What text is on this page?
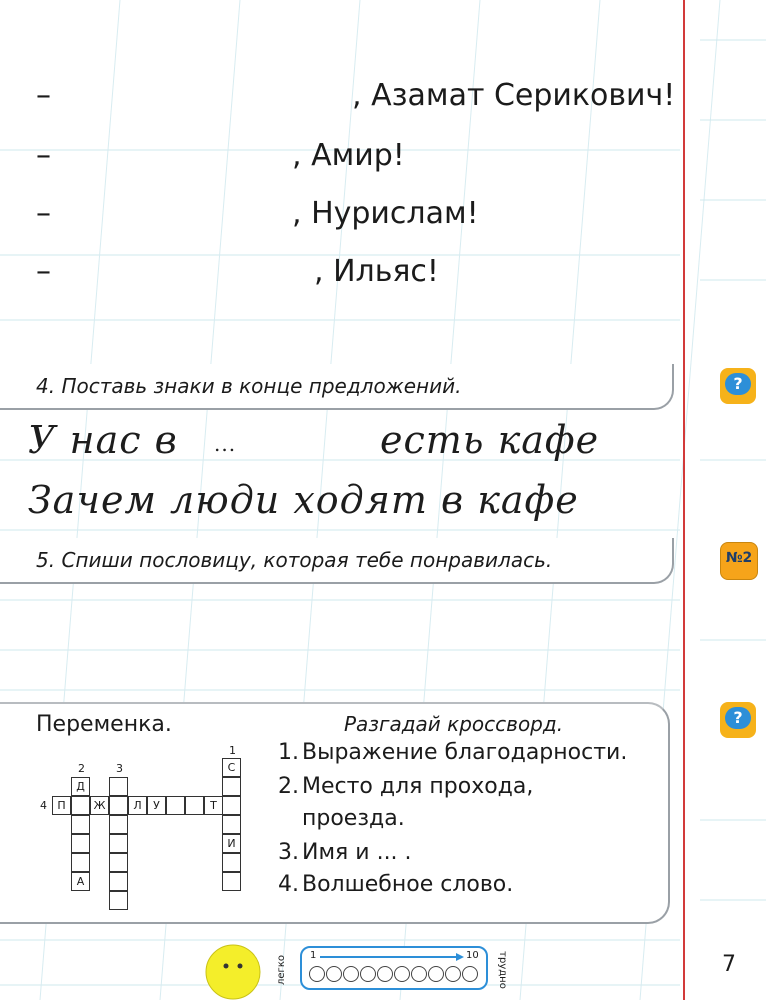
–	, Азамат Серикович!
–	, Амир!
–	, Нурислам!
–	, Ильяс!
4. Поставь знаки в конце предложений.	?
У нас в ...	есть кафе
Зачем люди ходят в кафе
5. Спиши пословицу, которая тебе понравилась.	№2
Переменка.	Разгадай кроссворд.
1
2	3
4
С
И
Д
А
П	Ж	Л	У	Т
1. Выражение благодарности.
2. Место для прохода,
проезда.
3. Имя и ... .
4. Волшебное слово.
?
легко 1	10 трудно	7
